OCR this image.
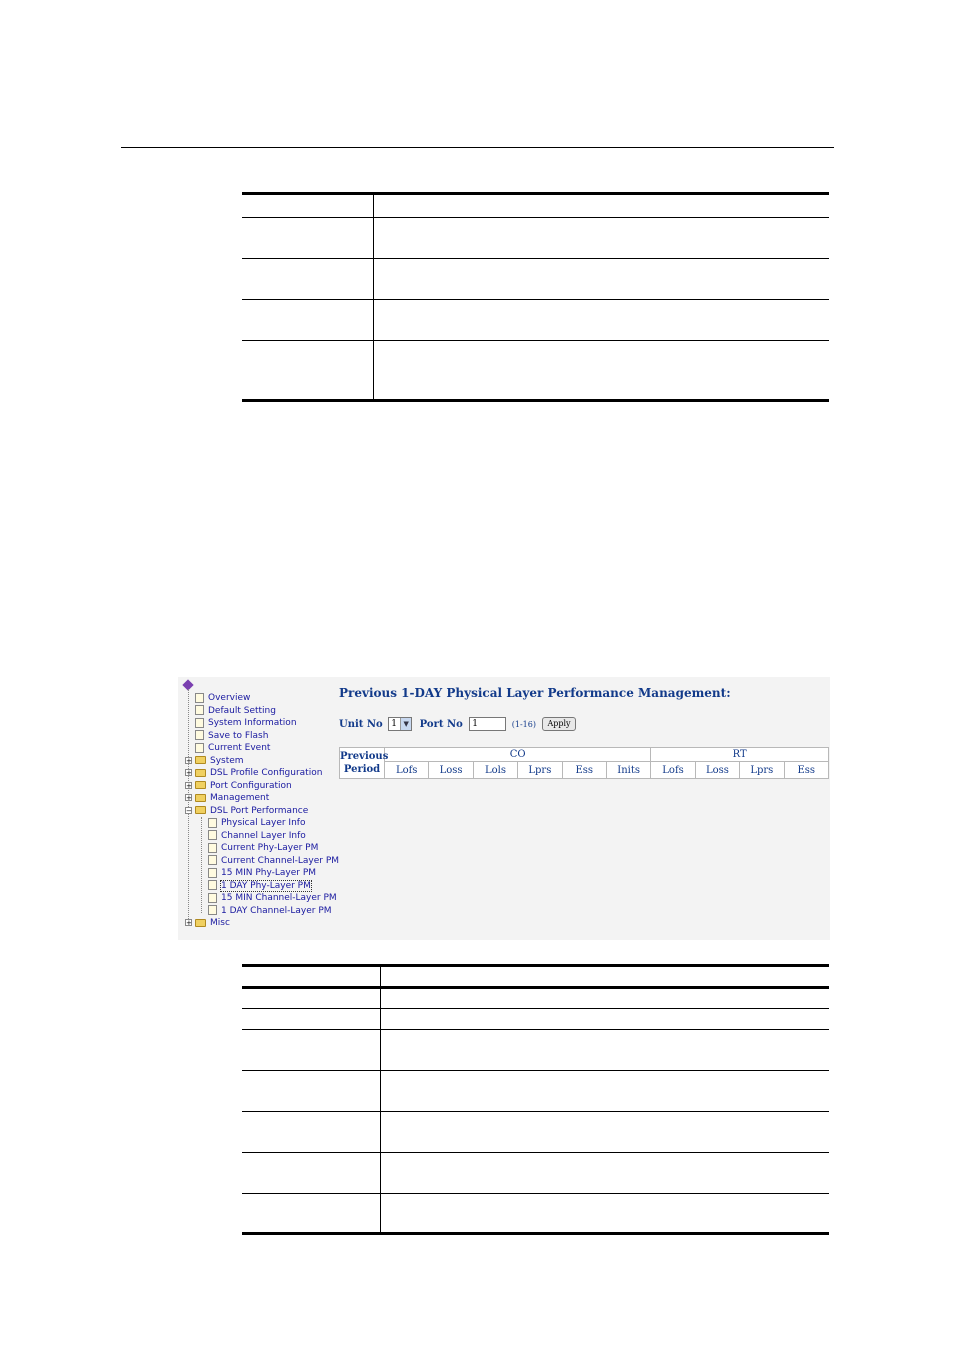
Overview
Default Setting
System Information
Save to Flash
Current Event
+ System
+ DSL Profile Configuration
+ Port Configuration
+ Management
− DSL Port Performance
Physical Layer Info
Channel Layer Info
Current Phy-Layer PM
Current Channel-Layer PM
15 MIN Phy-Layer PM
1 DAY Phy-Layer PM
15 MIN Channel-Layer PM
1 DAY Channel-Layer PM
+ Misc
Previous 1-DAY Physical Layer Performance Management:
Unit No 1 ▼ Port No 1	(1-16) Apply
Previous
Period	CO						RT			
	Lofs	Loss	Lols	Lprs	Ess	Inits	Lofs	Loss	Lprs	Ess
